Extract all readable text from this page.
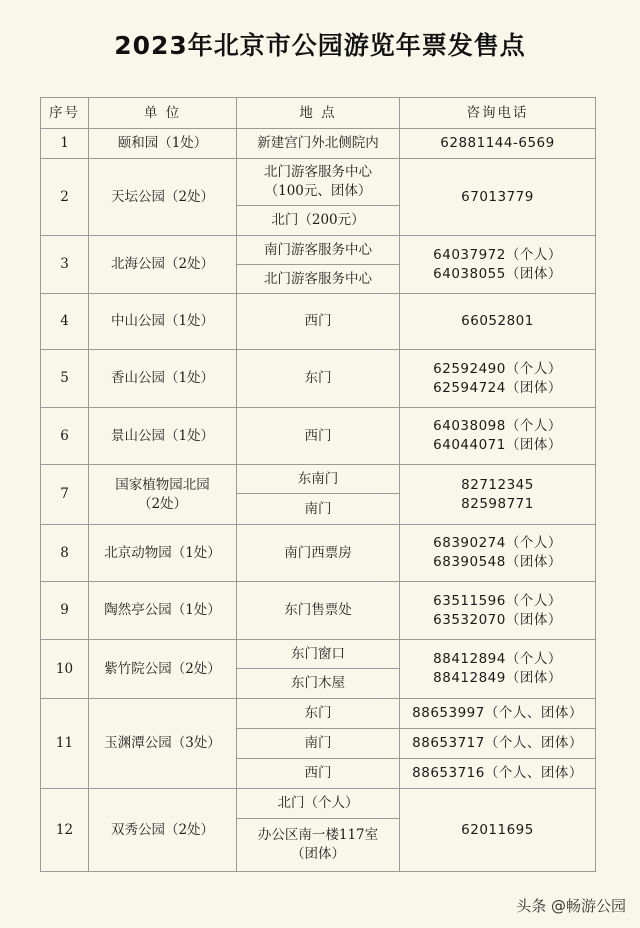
2023年北京市公园游览年票发售点
序号	单 位	地 点	咨询电话
1	颐和园（1处）	新建宫门外北侧院内	62881144-6569
2	天坛公园（2处）	北门游客服务中心
（100元、团体）	67013779
		北门（200元）	
3	北海公园（2处）	南门游客服务中心	64037972（个人）
64038055（团体）

		北门游客服务中心	
4	中山公园（1处）	西门	66052801
5	香山公园（1处）	东门	62592490（个人）
62594724（团体）

6	景山公园（1处）	西门	64038098（个人）
64044071（团体）

7	国家植物园北园
（2处）	东南门	82712345
82598771

		南门	
8	北京动物园（1处）	南门西票房	68390274（个人）
68390548（团体）

9	陶然亭公园（1处）	东门售票处	63511596（个人）
63532070（团体）

10	紫竹院公园（2处）	东门窗口	88412894（个人）
88412849（团体）

		东门木屋	
11	玉渊潭公园（3处）	东门	88653997（个人、团体）
		南门	88653717（个人、团体）
		西门	88653716（个人、团体）
12	双秀公园（2处）	北门（个人）	62011695

		办公区南一楼117室
（团体）	
头条 @畅游公园
